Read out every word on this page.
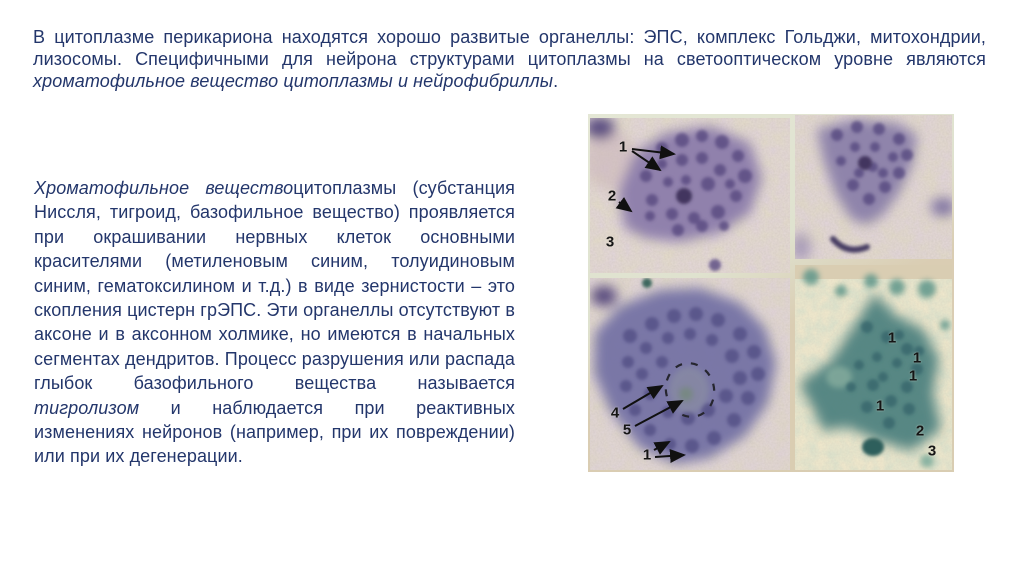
В цитоплазме перикариона находятся хорошо развитые органеллы: ЭПС, комплекс Гольджи, митохондрии, лизосомы. Специфичными для нейрона структурами цитоплазмы на светооптическом уровне являются хроматофильное вещество цитоплазмы и нейрофибриллы.

Хроматофильное веществоцитоплазмы (субстанция Ниссля, тигроид, базофильное вещество) проявляется при окрашивании нервных клеток основными красителями (метиленовым синим, толуидиновым синим, гематоксилином и т.д.) в виде зернистости – это скопления цистерн грЭПС. Эти органеллы отсутствуют в аксоне и в аксонном холмике, но имеются в начальных сегментах дендритов. Процесс разрушения или распада глыбок базофильного вещества называется тигролизом и наблюдается при реактивных изменениях нейронов (например, при их повреждении) или при их дегенерации.

1
2
3
4
5
1
1
1
1
1
2
3
